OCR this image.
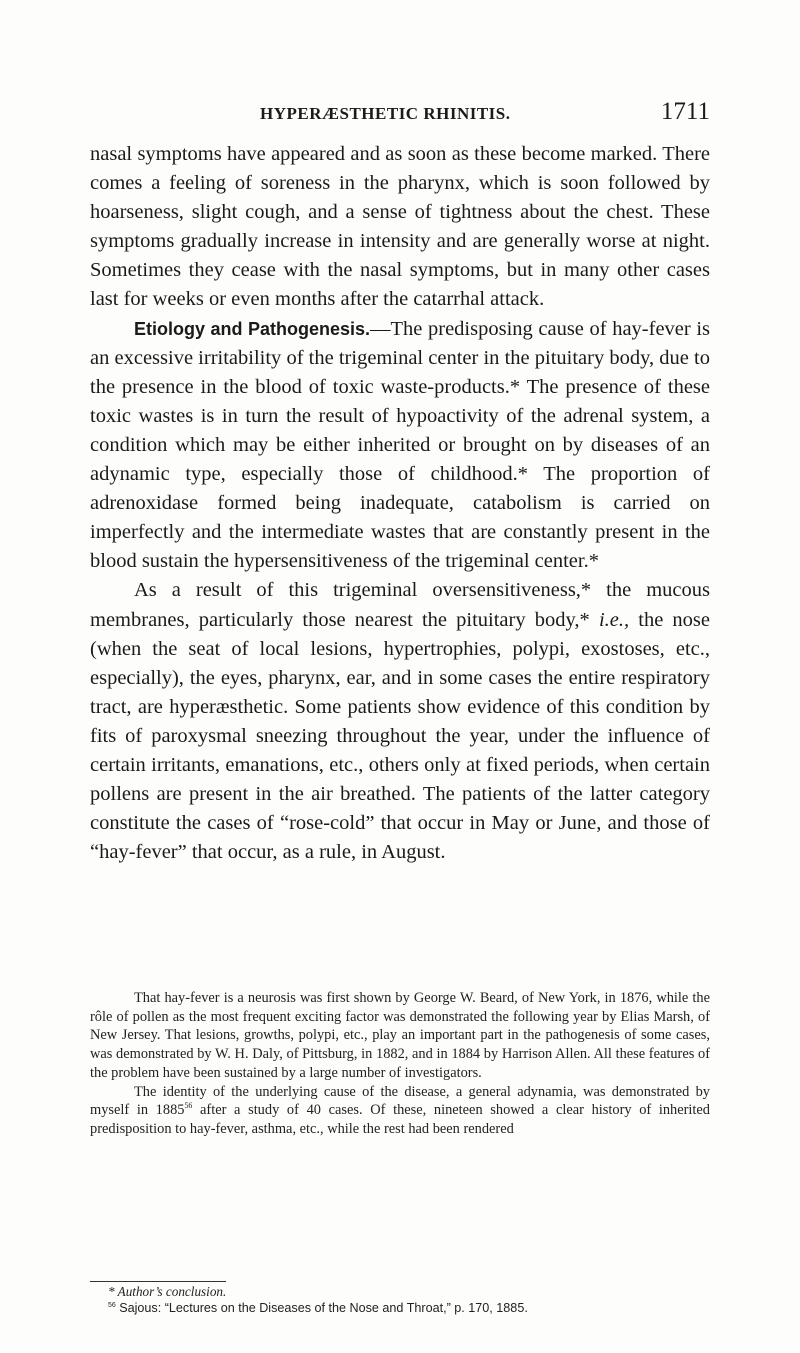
HYPERÆSTHETIC RHINITIS.	1711

nasal symptoms have appeared and as soon as these become marked. There comes a feeling of soreness in the pharynx, which is soon followed by hoarseness, slight cough, and a sense of tightness about the chest. These symptoms gradually increase in intensity and are generally worse at night. Sometimes they cease with the nasal symptoms, but in many other cases last for weeks or even months after the catarrhal attack.

Etiology and Pathogenesis.—The predisposing cause of hay-fever is an excessive irritability of the trigeminal center in the pituitary body, due to the presence in the blood of toxic waste-products.* The presence of these toxic wastes is in turn the result of hypoactivity of the adrenal system, a condition which may be either inherited or brought on by diseases of an adynamic type, especially those of childhood.* The proportion of adrenoxidase formed being inadequate, catabolism is carried on imperfectly and the intermediate wastes that are constantly present in the blood sustain the hypersensitiveness of the trigeminal center.*

As a result of this trigeminal oversensitiveness,* the mucous membranes, particularly those nearest the pituitary body,* i.e., the nose (when the seat of local lesions, hypertrophies, polypi, exostoses, etc., especially), the eyes, pharynx, ear, and in some cases the entire respiratory tract, are hyperæsthetic. Some patients show evidence of this condition by fits of paroxysmal sneezing throughout the year, under the influence of certain irritants, emanations, etc., others only at fixed periods, when certain pollens are present in the air breathed. The patients of the latter category constitute the cases of “rose-cold” that occur in May or June, and those of “hay-fever” that occur, as a rule, in August.

That hay-fever is a neurosis was first shown by George W. Beard, of New York, in 1876, while the rôle of pollen as the most frequent exciting factor was demonstrated the following year by Elias Marsh, of New Jersey. That lesions, growths, polypi, etc., play an important part in the pathogenesis of some cases, was demonstrated by W. H. Daly, of Pittsburg, in 1882, and in 1884 by Harrison Allen. All these features of the problem have been sustained by a large number of investigators.

The identity of the underlying cause of the disease, a general adynamia, was demonstrated by myself in 1885$^{56}$ after a study of 40 cases. Of these, nineteen showed a clear history of inherited predisposition to hay-fever, asthma, etc., while the rest had been rendered

* Author’s conclusion.
$^{56}$ Sajous: “Lectures on the Diseases of the Nose and Throat,” p. 170, 1885.
